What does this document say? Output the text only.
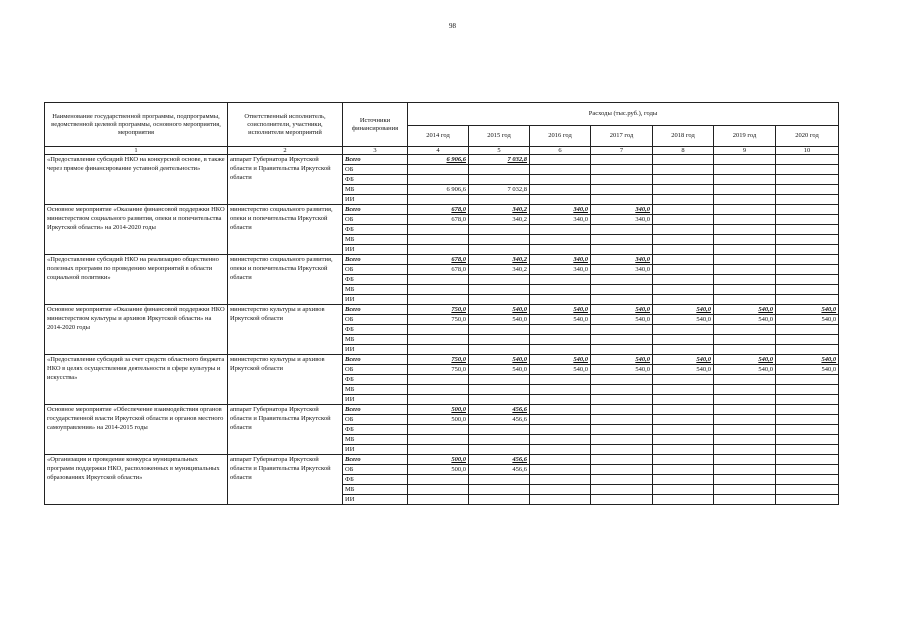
98
Наименование государственной программы, подпрограммы, ведомственной целевой программы, основного мероприятия, мероприятия	Ответственный исполнитель, соисполнители, участники, исполнители мероприятий	Источники финансирования	Расходы (тыс.руб.), годы						
			2014 год	2015 год	2016 год	2017 год	2018 год	2019 год	2020 год
1	2	3	4	5	6	7	8	9	10
«Предоставление субсидий НКО на конкурсной основе, в также через прямое финансирование уставной деятельности»	аппарат Губернатора Иркутской области и Правительства Иркутской области	Всего	6 906,6	7 032,8					
		ОБ							
		ФБ							
		МБ	6 906,6	7 032,8					
		ИИ							
Основное мероприятие «Оказание финансовой поддержки НКО министерством социального развития, опеки и попечительства Иркутской области» на 2014-2020 годы	министерство социального развития, опеки и попечительства Иркутской области	Всего	678,0	340,2	340,0	340,0			
		ОБ	678,0	340,2	340,0	340,0			
		ФБ							
		МБ							
		ИИ							
«Предоставление субсидий НКО на реализацию общественно полезных программ по проведению мероприятий в области социальной политики»	министерство социального развития, опеки и попечительства Иркутской области	Всего	678,0	340,2	340,0	340,0			
		ОБ	678,0	340,2	340,0	340,0			
		ФБ							
		МБ							
		ИИ							
Основное мероприятие «Оказание финансовой поддержки НКО министерством культуры и архивов Иркутской области» на 2014-2020 годы	министерство культуры и архивов Иркутской области	Всего	750,0	540,0	540,0	540,0	540,0	540,0	540,0
		ОБ	750,0	540,0	540,0	540,0	540,0	540,0	540,0
		ФБ							
		МБ							
		ИИ							
«Предоставление субсидий за счет средств областного бюджета НКО в целях осуществления деятельности в сфере культуры и искусства»	министерство культуры и архивов Иркутской области	Всего	750,0	540,0	540,0	540,0	540,0	540,0	540,0
		ОБ	750,0	540,0	540,0	540,0	540,0	540,0	540,0
		ФБ							
		МБ							
		ИИ							
Основное мероприятие «Обеспечение взаимодействия органов государственной власти Иркутской области и органов местного самоуправления» на 2014-2015 годы	аппарат Губернатора Иркутской области и Правительства Иркутской области	Всего	500,0	456,6					
		ОБ	500,0	456,6					
		ФБ							
		МБ							
		ИИ							
«Организация и проведение конкурса муниципальных программ поддержки НКО, расположенных в муниципальных образованиях Иркутской области»	аппарат Губернатора Иркутской области и Правительства Иркутской области	Всего	500,0	456,6					
		ОБ	500,0	456,6					
		ФБ							
		МБ							
		ИИ							
